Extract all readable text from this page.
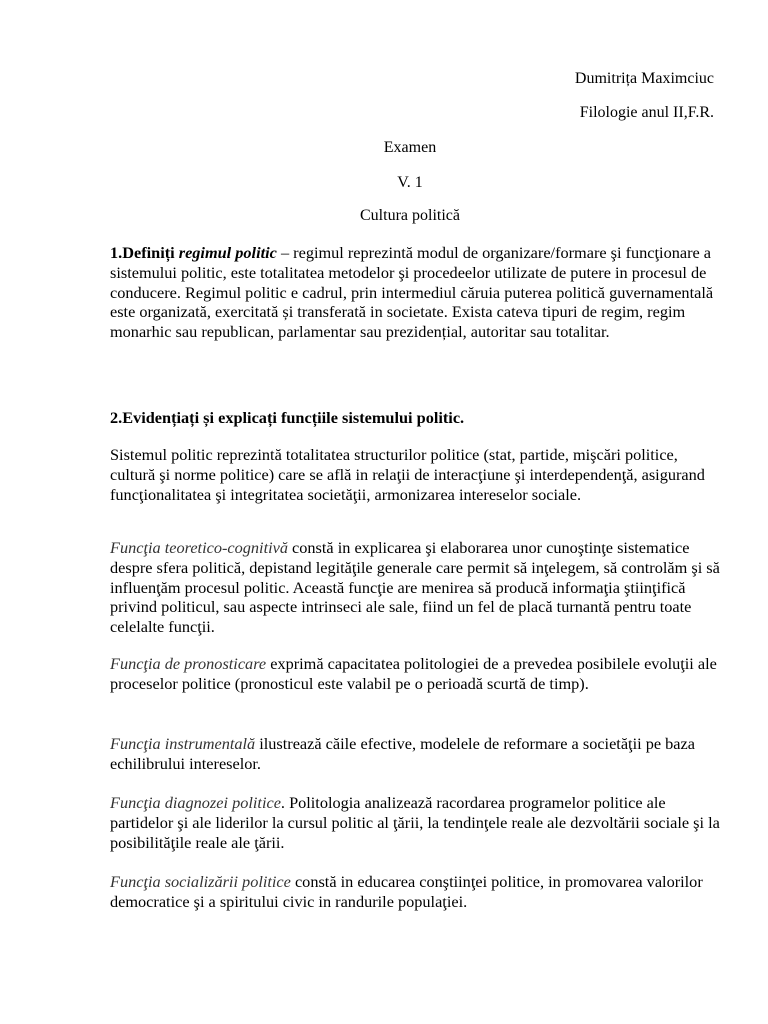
Dumitrița Maximciuc
Filologie anul II,F.R.
Examen
V. 1
Cultura politică
1.Definiți regimul politic – regimul reprezintă modul de organizare/formare şi funcţionare a sistemului politic, este totalitatea metodelor şi procedeelor utilizate de putere in procesul de conducere. Regimul politic e cadrul, prin intermediul căruia puterea politică guvernamentală este organizată, exercitată și transferată in societate. Exista cateva tipuri de regim, regim monarhic sau republican, parlamentar sau prezidențial, autoritar sau totalitar.
2.Evidențiați și explicați funcțiile sistemului politic.
Sistemul politic reprezintă totalitatea structurilor politice (stat, partide, mişcări politice, cultură şi norme politice) care se află in relaţii de interacţiune şi interdependenţă, asigurand funcţionalitatea şi integritatea societăţii, armonizarea intereselor sociale.
Funcţia teoretico-cognitivă constă in explicarea şi elaborarea unor cunoştinţe sistematice despre sfera politică, depistand legităţile generale care permit să inţelegem, să controlăm şi să influenţăm procesul politic. Această funcţie are menirea să producă informaţia ştiinţifică privind politicul, sau aspecte intrinseci ale sale, fiind un fel de placă turnantă pentru toate celelalte funcţii.
Funcţia de pronosticare exprimă capacitatea politologiei de a prevedea posibilele evoluţii ale proceselor politice (pronosticul este valabil pe o perioadă scurtă de timp).
Funcţia instrumentală ilustrează căile efective, modelele de reformare a societăţii pe baza echilibrului intereselor.
Funcţia diagnozei politice. Politologia analizează racordarea programelor politice ale partidelor şi ale liderilor la cursul politic al ţării, la tendinţele reale ale dezvoltării sociale şi la posibilităţile reale ale ţării.
Funcţia socializării politice constă in educarea conştiinţei politice, in promovarea valorilor democratice şi a spiritului civic in randurile populaţiei.
